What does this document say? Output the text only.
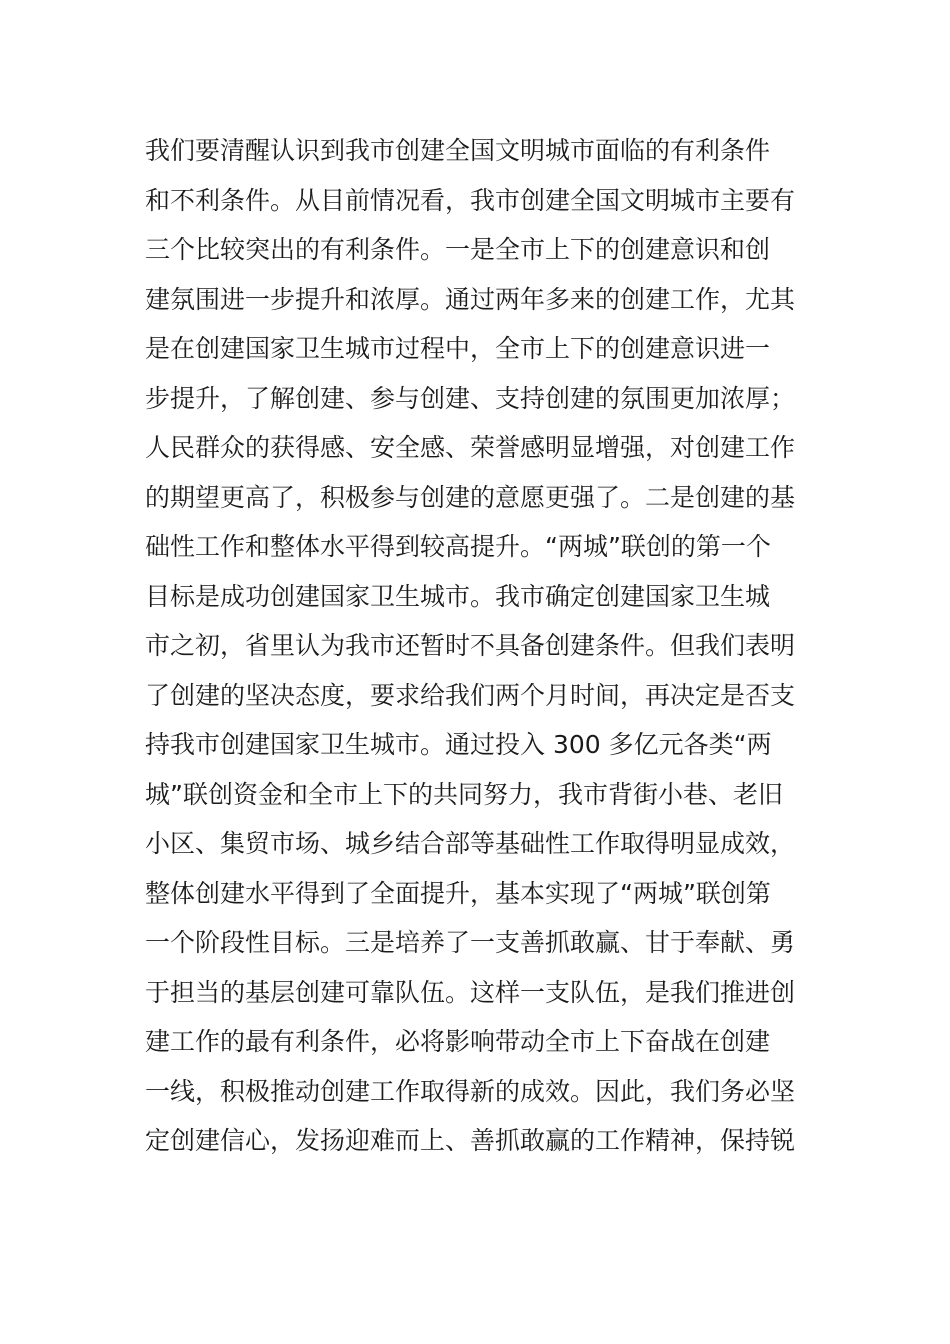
我们要清醒认识到我市创建全国文明城市面临的有利条件
和不利条件。从目前情况看，我市创建全国文明城市主要有
三个比较突出的有利条件。一是全市上下的创建意识和创
建氛围进一步提升和浓厚。通过两年多来的创建工作，尤其
是在创建国家卫生城市过程中，全市上下的创建意识进一
步提升，了解创建、参与创建、支持创建的氛围更加浓厚；
人民群众的获得感、安全感、荣誉感明显增强，对创建工作
的期望更高了，积极参与创建的意愿更强了。二是创建的基
础性工作和整体水平得到较高提升。“两城”联创的第一个
目标是成功创建国家卫生城市。我市确定创建国家卫生城
市之初，省里认为我市还暂时不具备创建条件。但我们表明
了创建的坚决态度，要求给我们两个月时间，再决定是否支
持我市创建国家卫生城市。通过投入 300 多亿元各类“两
城”联创资金和全市上下的共同努力，我市背街小巷、老旧
小区、集贸市场、城乡结合部等基础性工作取得明显成效，
整体创建水平得到了全面提升，基本实现了“两城”联创第
一个阶段性目标。三是培养了一支善抓敢赢、甘于奉献、勇
于担当的基层创建可靠队伍。这样一支队伍，是我们推进创
建工作的最有利条件，必将影响带动全市上下奋战在创建
一线，积极推动创建工作取得新的成效。因此，我们务必坚
定创建信心，发扬迎难而上、善抓敢赢的工作精神，保持锐
